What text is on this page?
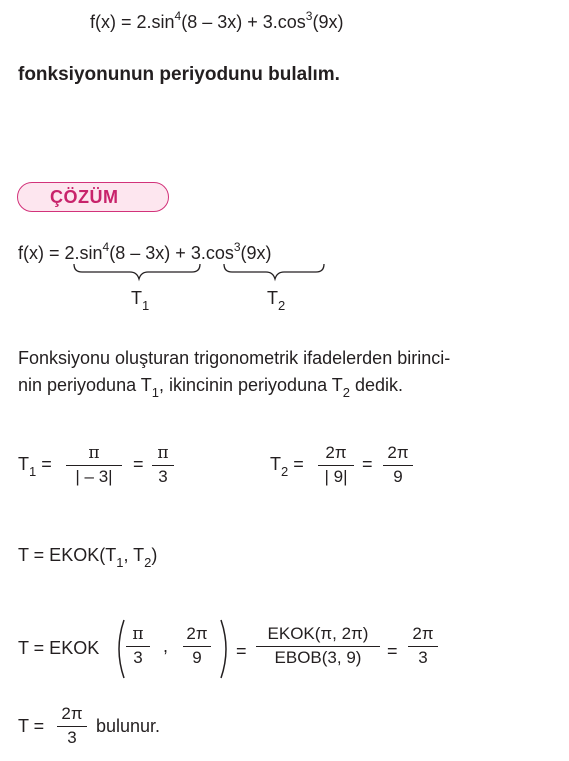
$f(x) = 2.\sin^4(8 - 3x) + 3.\cos^3(9x)$
fonksiyonunun periyodunu bulalım.
ÇÖZÜM
$f(x) = 2.\sin^4(8 - 3x) + 3.\cos^3(9x)$
$T_1$	$T_2$
Fonksiyonu oluşturan trigonometrik ifadelerden birinci-
nin periyoduna $T_1$, ikincinin periyoduna $T_2$ dedik.
$T_1$ =
π
| – 3|
=
π
3
$T_2$ =
2π
| 9|
=
2π
9
$T = EKOK(T_1$, $T_2$)
T = EKOK
π
3
,
2π
9	=
EKOK(π, 2π)
EBOB(3, 9)	=
2π
3
T =
2π
3
bulunur.
